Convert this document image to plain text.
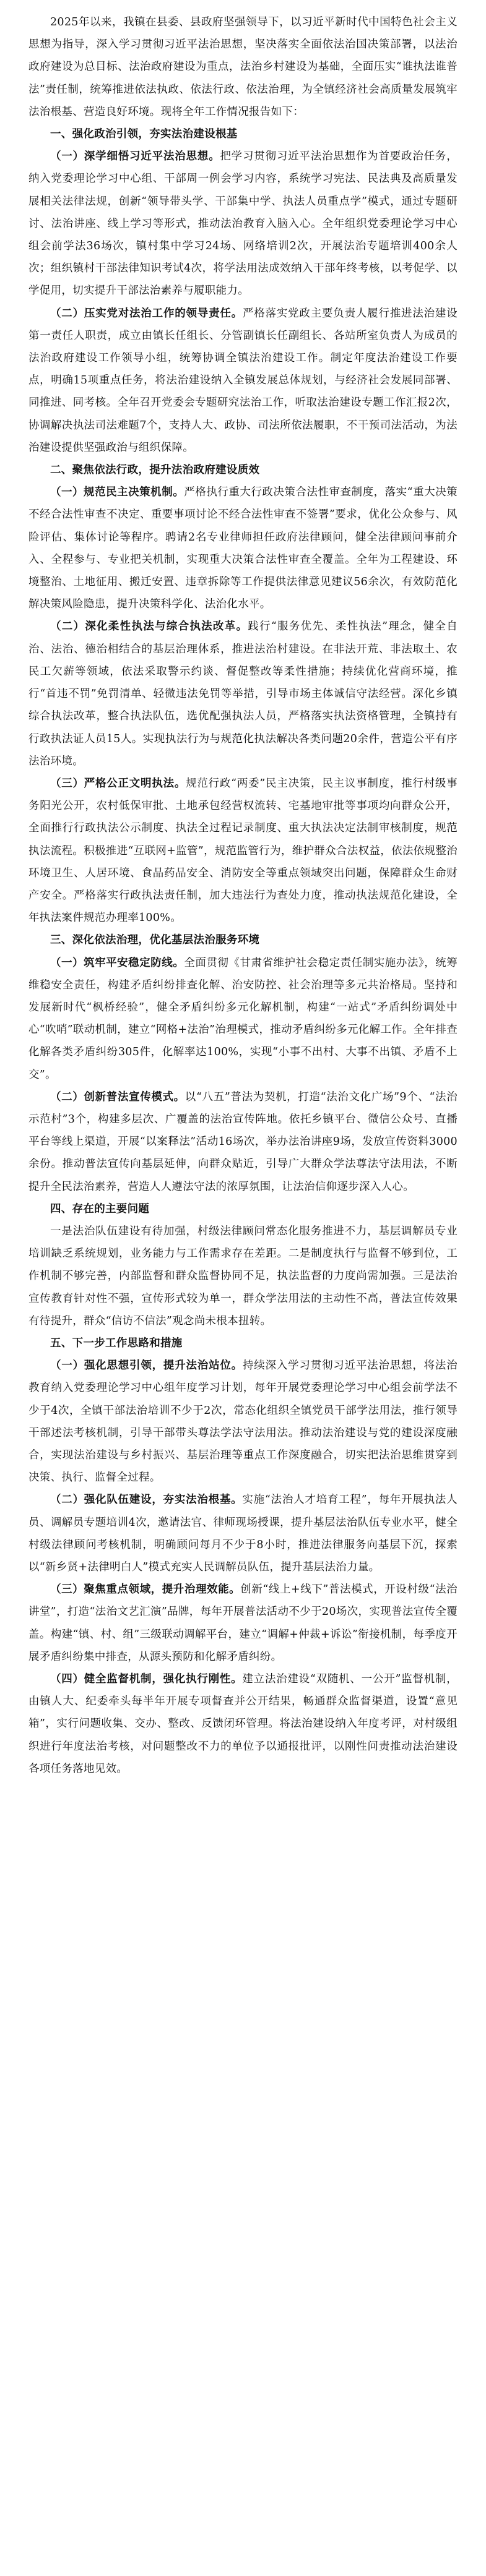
2025年以来，我镇在县委、县政府坚强领导下，以习近平新时代中国特色社会主义思想为指导，深入学习贯彻习近平法治思想，坚决落实全面依法治国决策部署，以法治政府建设为总目标、法治政府建设为重点，法治乡村建设为基础，全面压实“谁执法谁普法”责任制，统筹推进依法执政、依法行政、依法治理，为全镇经济社会高质量发展筑牢法治根基、营造良好环境。现将全年工作情况报告如下：

一、强化政治引领，夯实法治建设根基

（一）深学细悟习近平法治思想。把学习贯彻习近平法治思想作为首要政治任务，纳入党委理论学习中心组、干部周一例会学习内容，系统学习宪法、民法典及高质量发展相关法律法规，创新“领导带头学、干部集中学、执法人员重点学”模式，通过专题研讨、法治讲座、线上学习等形式，推动法治教育入脑入心。全年组织党委理论学习中心组会前学法36场次，镇村集中学习24场、网络培训2次，开展法治专题培训400余人次；组织镇村干部法律知识考试4次，将学法用法成效纳入干部年终考核，以考促学、以学促用，切实提升干部法治素养与履职能力。

（二）压实党对法治工作的领导责任。严格落实党政主要负责人履行推进法治建设第一责任人职责，成立由镇长任组长、分管副镇长任副组长、各站所室负责人为成员的法治政府建设工作领导小组，统筹协调全镇法治建设工作。制定年度法治建设工作要点，明确15项重点任务，将法治建设纳入全镇发展总体规划，与经济社会发展同部署、同推进、同考核。全年召开党委会专题研究法治工作，听取法治建设专题工作汇报2次，协调解决执法司法难题7个，支持人大、政协、司法所依法履职，不干预司法活动，为法治建设提供坚强政治与组织保障。

二、聚焦依法行政，提升法治政府建设质效

（一）规范民主决策机制。严格执行重大行政决策合法性审查制度，落实“重大决策不经合法性审查不决定、重要事项讨论不经合法性审查不签署”要求，优化公众参与、风险评估、集体讨论等程序。聘请2名专业律师担任政府法律顾问，健全法律顾问事前介入、全程参与、专业把关机制，实现重大决策合法性审查全覆盖。全年为工程建设、环境整治、土地征用、搬迁安置、违章拆除等工作提供法律意见建议56余次，有效防范化解决策风险隐患，提升决策科学化、法治化水平。

（二）深化柔性执法与综合执法改革。践行“服务优先、柔性执法”理念，健全自治、法治、德治相结合的基层治理体系，推进法治村建设。在非法开荒、非法取土、农民工欠薪等领域，依法采取警示约谈、督促整改等柔性措施；持续优化营商环境，推行“首违不罚”免罚清单、轻微违法免罚等举措，引导市场主体诚信守法经营。深化乡镇综合执法改革，整合执法队伍，选优配强执法人员，严格落实执法资格管理，全镇持有行政执法证人员15人。实现执法行为与规范化执法解决各类问题20余件，营造公平有序法治环境。

（三）严格公正文明执法。规范行政“两委”民主决策，民主议事制度，推行村级事务阳光公开，农村低保审批、土地承包经营权流转、宅基地审批等事项均向群众公开，全面推行行政执法公示制度、执法全过程记录制度、重大执法决定法制审核制度，规范执法流程。积极推进“互联网+监管”，规范监管行为，维护群众合法权益，依法依规整治环境卫生、人居环境、食品药品安全、消防安全等重点领域突出问题，保障群众生命财产安全。严格落实行政执法责任制，加大违法行为查处力度，推动执法规范化建设，全年执法案件规范办理率100%。

三、深化依法治理，优化基层法治服务环境

（一）筑牢平安稳定防线。全面贯彻《甘肃省维护社会稳定责任制实施办法》，统筹维稳安全责任，构建矛盾纠纷排查化解、治安防控、社会治理等多元共治格局。坚持和发展新时代“枫桥经验”，健全矛盾纠纷多元化解机制，构建“一站式”矛盾纠纷调处中心“吹哨”联动机制，建立“网格+法治”治理模式，推动矛盾纠纷多元化解工作。全年排查化解各类矛盾纠纷305件，化解率达100%，实现“小事不出村、大事不出镇、矛盾不上交”。

（二）创新普法宣传模式。以“八五”普法为契机，打造“法治文化广场”9个、“法治示范村”3个，构建多层次、广覆盖的法治宣传阵地。依托乡镇平台、微信公众号、直播平台等线上渠道，开展“以案释法”活动16场次，举办法治讲座9场，发放宣传资料3000余份。推动普法宣传向基层延伸，向群众贴近，引导广大群众学法尊法守法用法，不断提升全民法治素养，营造人人遵法守法的浓厚氛围，让法治信仰逐步深入人心。

四、存在的主要问题

一是法治队伍建设有待加强，村级法律顾问常态化服务推进不力，基层调解员专业培训缺乏系统规划，业务能力与工作需求存在差距。二是制度执行与监督不够到位，工作机制不够完善，内部监督和群众监督协同不足，执法监督的力度尚需加强。三是法治宣传教育针对性不强，宣传形式较为单一，群众学法用法的主动性不高，普法宣传效果有待提升，群众“信访不信法”观念尚未根本扭转。

五、下一步工作思路和措施

（一）强化思想引领，提升法治站位。持续深入学习贯彻习近平法治思想，将法治教育纳入党委理论学习中心组年度学习计划，每年开展党委理论学习中心组会前学法不少于4次，全镇干部法治培训不少于2次，常态化组织全镇党员干部学法用法，推行领导干部述法考核机制，引导干部带头尊法学法守法用法。推动法治建设与党的建设深度融合，实现法治建设与乡村振兴、基层治理等重点工作深度融合，切实把法治思维贯穿到决策、执行、监督全过程。

（二）强化队伍建设，夯实法治根基。实施“法治人才培育工程”，每年开展执法人员、调解员专题培训4次，邀请法官、律师现场授课，提升基层法治队伍专业水平，健全村级法律顾问考核机制，明确顾问每月不少于8小时，推进法律服务向基层下沉，探索以“新乡贤+法律明白人”模式充实人民调解员队伍，提升基层法治力量。

（三）聚焦重点领域，提升治理效能。创新“线上+线下”普法模式，开设村级“法治讲堂”，打造“法治文艺汇演”品牌，每年开展普法活动不少于20场次，实现普法宣传全覆盖。构建“镇、村、组”三级联动调解平台，建立“调解+仲裁+诉讼”衔接机制，每季度开展矛盾纠纷集中排查，从源头预防和化解矛盾纠纷。

（四）健全监督机制，强化执行刚性。建立法治建设“双随机、一公开”监督机制，由镇人大、纪委牵头每半年开展专项督查并公开结果，畅通群众监督渠道，设置“意见箱”，实行问题收集、交办、整改、反馈闭环管理。将法治建设纳入年度考评，对村级组织进行年度法治考核，对问题整改不力的单位予以通报批评，以刚性问责推动法治建设各项任务落地见效。
